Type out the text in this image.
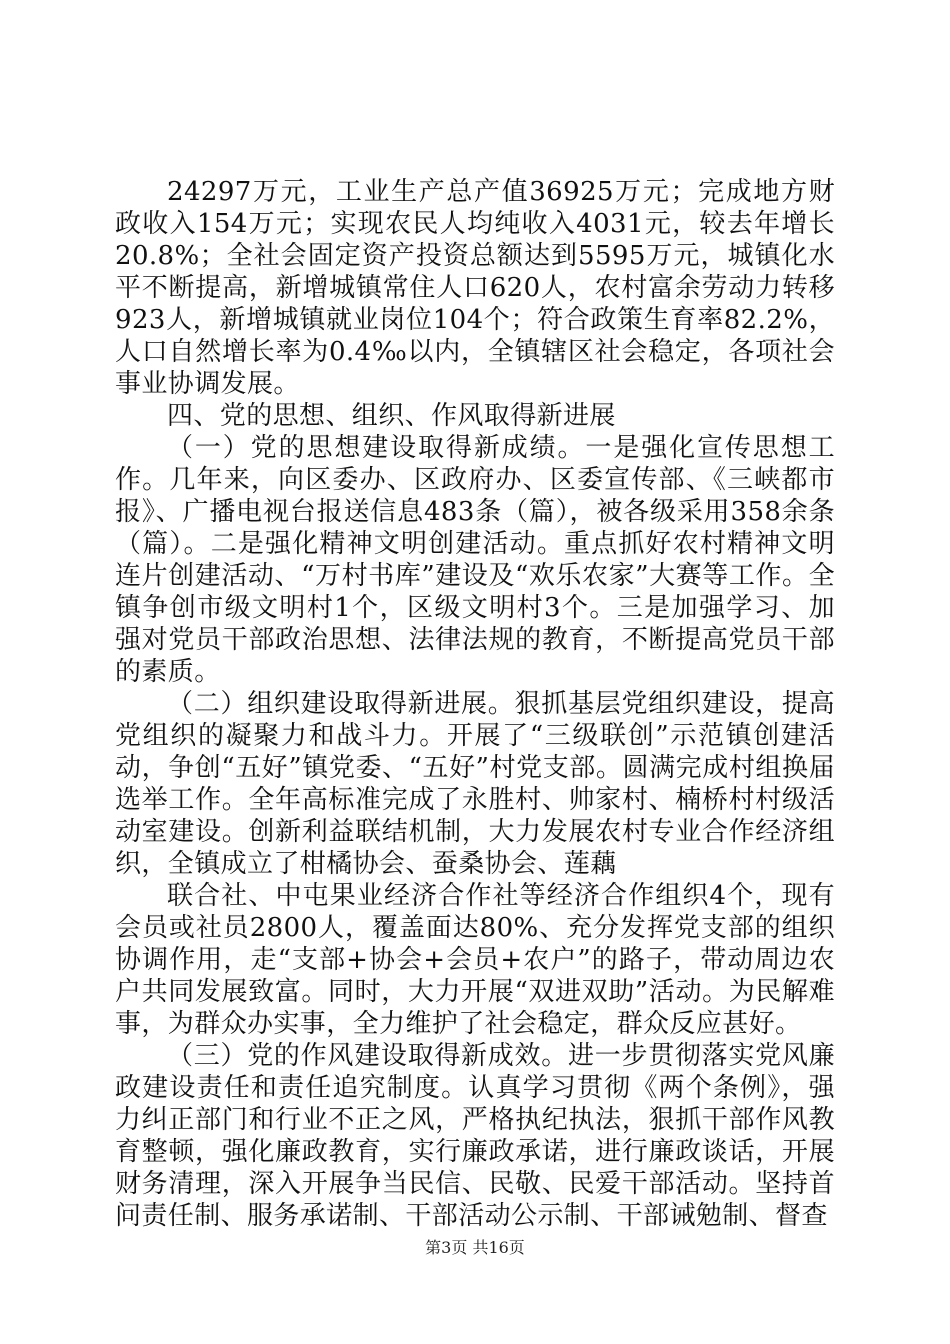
24297万元，工业生产总产值36925万元；完成地方财政收入154万元；实现农民人均纯收入4031元，较去年增长20.8%；全社会固定资产投资总额达到5595万元，城镇化水平不断提高，新增城镇常住人口620人，农村富余劳动力转移923人，新增城镇就业岗位104个；符合政策生育率82.2%，人口自然增长率为0.4‰以内，全镇辖区社会稳定，各项社会事业协调发展。

四、党的思想、组织、作风取得新进展

（一）党的思想建设取得新成绩。一是强化宣传思想工作。几年来，向区委办、区政府办、区委宣传部、《三峡都市报》、广播电视台报送信息483条（篇），被各级采用358余条（篇）。二是强化精神文明创建活动。重点抓好农村精神文明连片创建活动、“万村书库”建设及“欢乐农家”大赛等工作。全镇争创市级文明村1个，区级文明村3个。三是加强学习、加强对党员干部政治思想、法律法规的教育，不断提高党员干部的素质。

（二）组织建设取得新进展。狠抓基层党组织建设，提高党组织的凝聚力和战斗力。开展了“三级联创”示范镇创建活动，争创“五好”镇党委、“五好”村党支部。圆满完成村组换届选举工作。全年高标准完成了永胜村、帅家村、楠桥村村级活动室建设。创新利益联结机制，大力发展农村专业合作经济组织，全镇成立了柑橘协会、蚕桑协会、莲藕

联合社、中屯果业经济合作社等经济合作组织4个，现有会员或社员2800人，覆盖面达80%、充分发挥党支部的组织协调作用，走“支部+协会+会员+农户”的路子，带动周边农户共同发展致富。同时，大力开展“双进双助”活动。为民解难事，为群众办实事，全力维护了社会稳定，群众反应甚好。

（三）党的作风建设取得新成效。进一步贯彻落实党风廉政建设责任和责任追究制度。认真学习贯彻《两个条例》，强力纠正部门和行业不正之风，严格执纪执法，狠抓干部作风教育整顿，强化廉政教育，实行廉政承诺，进行廉政谈话，开展财务清理，深入开展争当民信、民敬、民爱干部活动。坚持首问责任制、服务承诺制、干部活动公示制、干部诫勉制、督查

第3页 共16页
